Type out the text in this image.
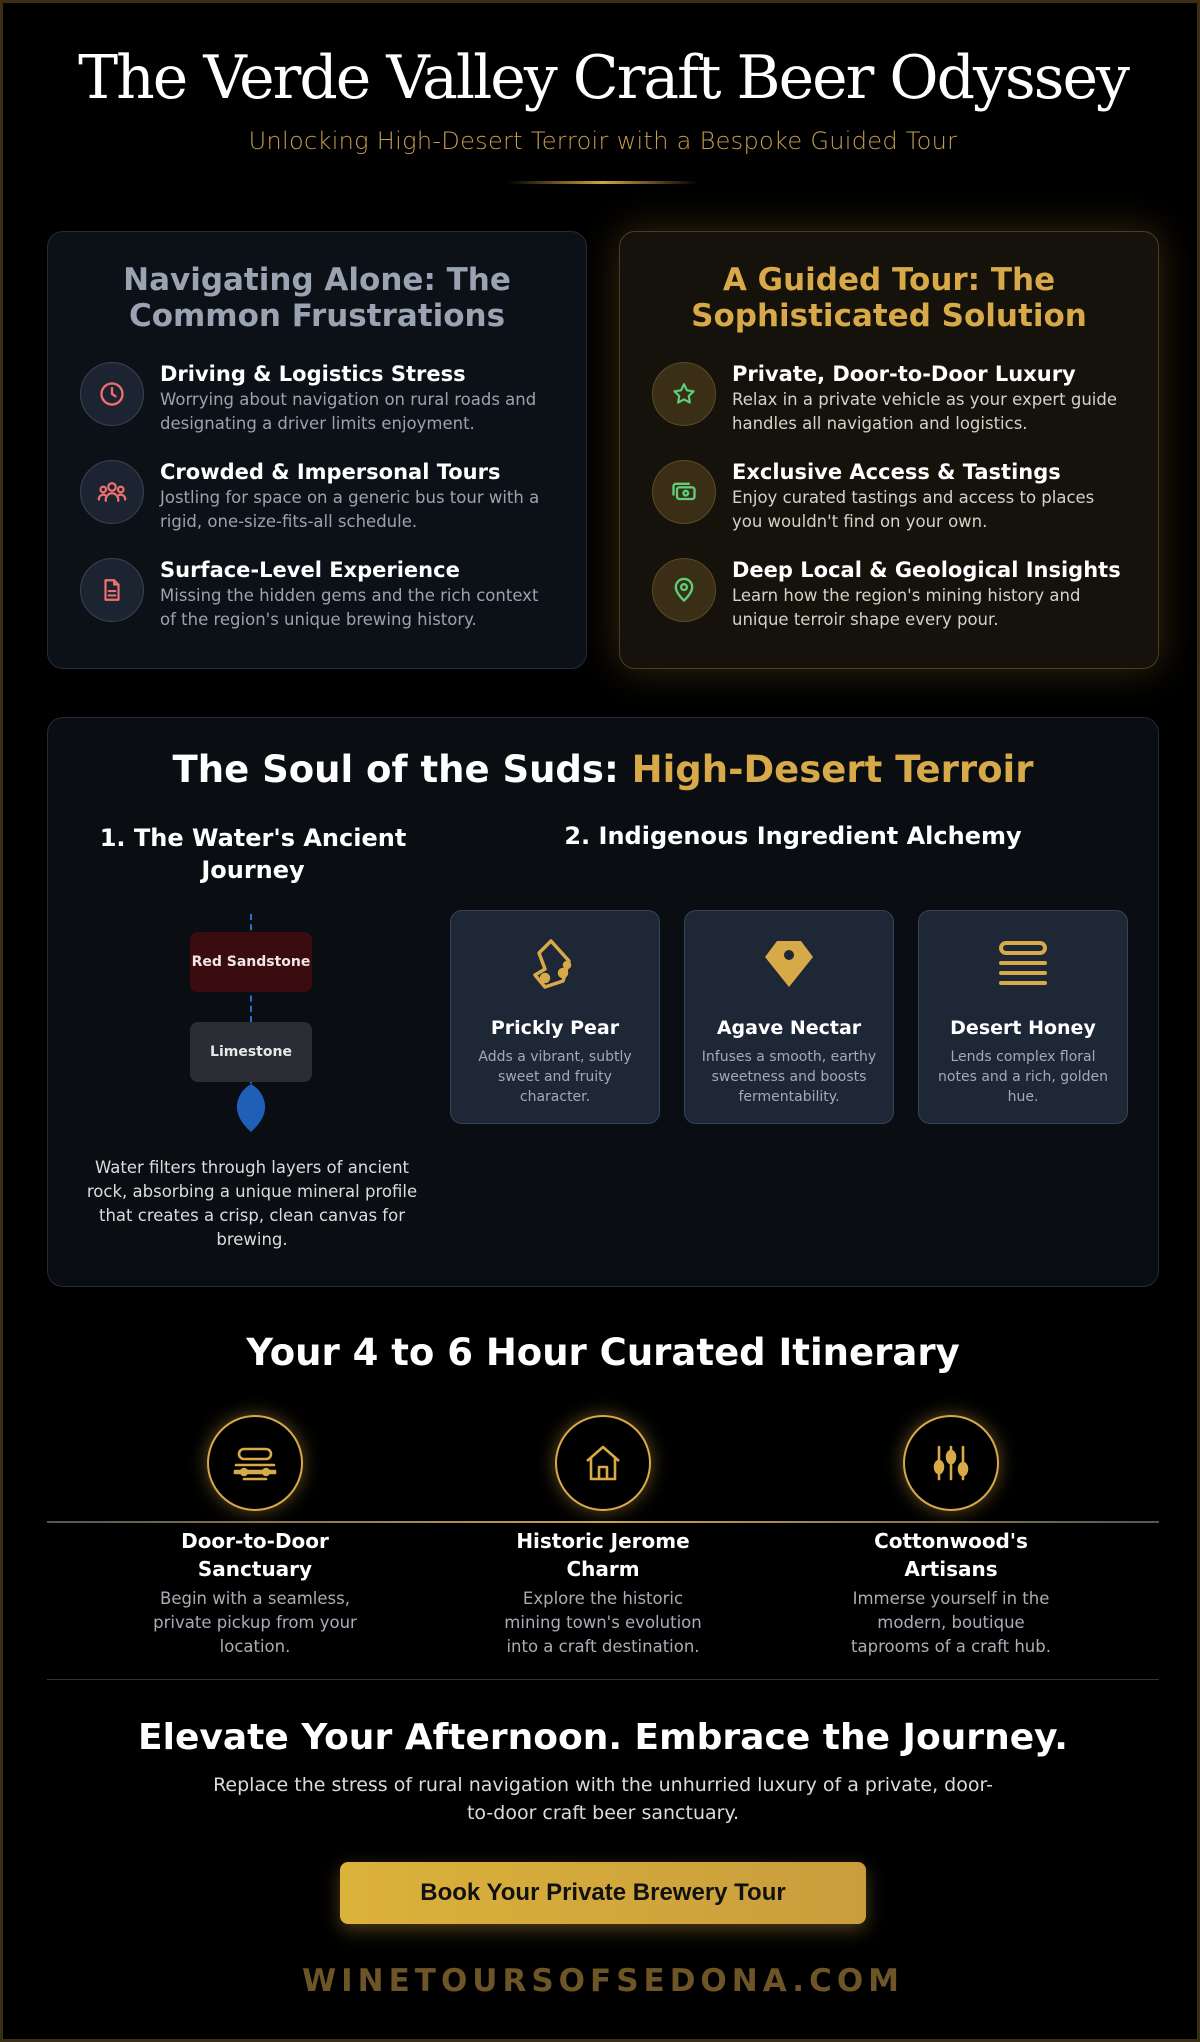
The Verde Valley Craft Beer Odyssey
Unlocking High-Desert Terroir with a Bespoke Guided Tour
Navigating Alone: The Common Frustrations
Driving & Logistics Stress
Worrying about navigation on rural roads and designating a driver limits enjoyment.
Crowded & Impersonal Tours
Jostling for space on a generic bus tour with a rigid, one-size-fits-all schedule.
Surface-Level Experience
Missing the hidden gems and the rich context of the region's unique brewing history.
A Guided Tour: The Sophisticated Solution
Private, Door-to-Door Luxury
Relax in a private vehicle as your expert guide handles all navigation and logistics.
Exclusive Access & Tastings
Enjoy curated tastings and access to places you wouldn't find on your own.
Deep Local & Geological Insights
Learn how the region's mining history and unique terroir shape every pour.
The Soul of the Suds: High-Desert Terroir
1. The Water's Ancient Journey
Red Sandstone
Limestone
Water filters through layers of ancient rock, absorbing a unique mineral profile that creates a crisp, clean canvas for brewing.
2. Indigenous Ingredient Alchemy
Prickly Pear
Adds a vibrant, subtly sweet and fruity character.
Agave Nectar
Infuses a smooth, earthy sweetness and boosts fermentability.
Desert Honey
Lends complex floral notes and a rich, golden hue.
Your 4 to 6 Hour Curated Itinerary
Door-to-Door Sanctuary
Begin with a seamless, private pickup from your location.
Historic Jerome Charm
Explore the historic mining town's evolution into a craft destination.
Cottonwood's Artisans
Immerse yourself in the modern, boutique taprooms of a craft hub.
Elevate Your Afternoon. Embrace the Journey.
Replace the stress of rural navigation with the unhurried luxury of a private, door-to-door craft beer sanctuary.
Book Your Private Brewery Tour
WINETOURSOFSEDONA.COM
